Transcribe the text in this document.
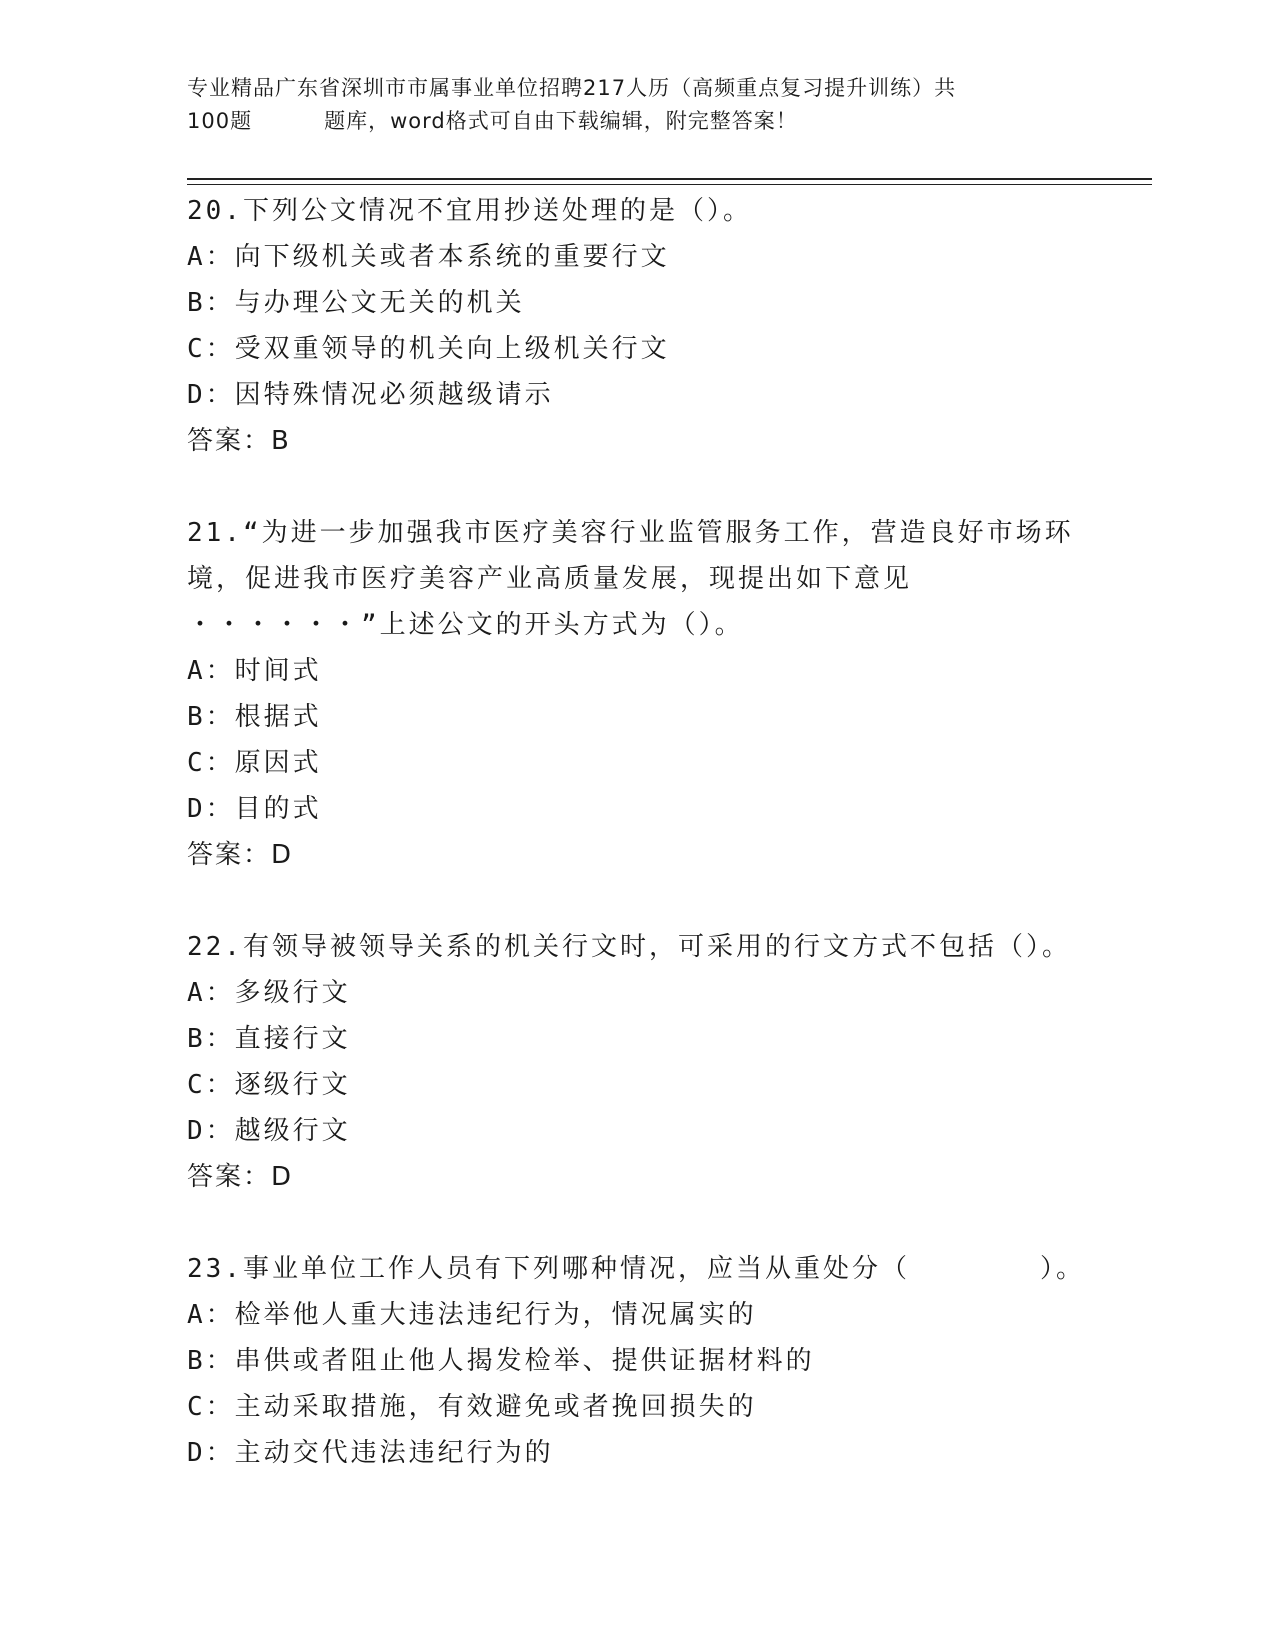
专业精品广东省深圳市市属事业单位招聘217人历（高频重点复习提升训练）共
100题	题库，word格式可自由下载编辑，附完整答案！
20.下列公文情况不宜用抄送处理的是（）。
A：向下级机关或者本系统的重要行文
B：与办理公文无关的机关
C：受双重领导的机关向上级机关行文
D：因特殊情况必须越级请示
答案：B
21.“为进一步加强我市医疗美容行业监管服务工作，营造良好市场环
境，促进我市医疗美容产业高质量发展，现提出如下意见
・・・・・・”上述公文的开头方式为（）。
A：时间式
B：根据式
C：原因式
D：目的式
答案：D
22.有领导被领导关系的机关行文时，可采用的行文方式不包括（）。
A：多级行文
B：直接行文
C：逐级行文
D：越级行文
答案：D
23.事业单位工作人员有下列哪种情况，应当从重处分（	）。
A：检举他人重大违法违纪行为，情况属实的
B：串供或者阻止他人揭发检举、提供证据材料的
C：主动采取措施，有效避免或者挽回损失的
D：主动交代违法违纪行为的
